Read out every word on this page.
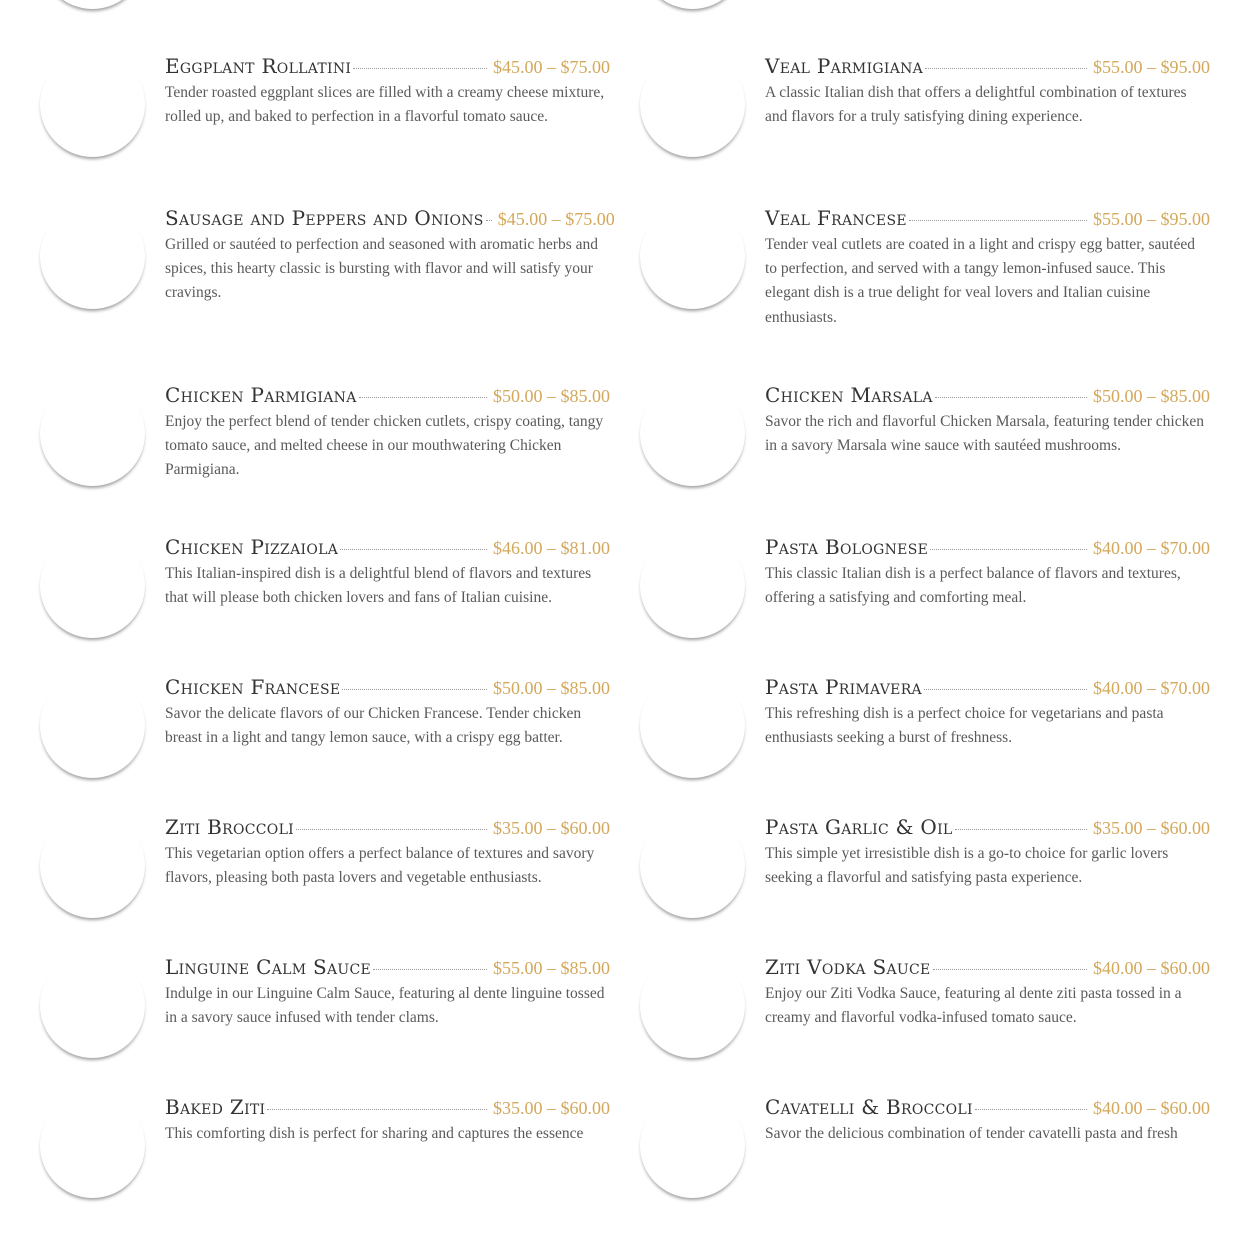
Eggplant Rollatini	$45.00 – $75.00

Tender roasted eggplant slices are filled with a creamy cheese mixture, rolled up, and baked to perfection in a flavorful tomato sauce.

Sausage and Peppers and Onions $45.00 – $75.00

Grilled or sautéed to perfection and seasoned with aromatic herbs and spices, this hearty classic is bursting with flavor and will satisfy your cravings.

Chicken Parmigiana	$50.00 – $85.00

Enjoy the perfect blend of tender chicken cutlets, crispy coating, tangy tomato sauce, and melted cheese in our mouthwatering Chicken Parmigiana.

Chicken Pizzaiola	$46.00 – $81.00

This Italian-inspired dish is a delightful blend of flavors and textures that will please both chicken lovers and fans of Italian cuisine.

Chicken Francese	$50.00 – $85.00

Savor the delicate flavors of our Chicken Francese. Tender chicken breast in a light and tangy lemon sauce, with a crispy egg batter.

Ziti Broccoli	$35.00 – $60.00

This vegetarian option offers a perfect balance of textures and savory flavors, pleasing both pasta lovers and vegetable enthusiasts.

Linguine Calm Sauce	$55.00 – $85.00

Indulge in our Linguine Calm Sauce, featuring al dente linguine tossed in a savory sauce infused with tender clams.

Baked Ziti	$35.00 – $60.00

This comforting dish is perfect for sharing and captures the essence

Veal Parmigiana	$55.00 – $95.00

A classic Italian dish that offers a delightful combination of textures and flavors for a truly satisfying dining experience.

Veal Francese	$55.00 – $95.00

Tender veal cutlets are coated in a light and crispy egg batter, sautéed to perfection, and served with a tangy lemon-infused sauce. This elegant dish is a true delight for veal lovers and Italian cuisine enthusiasts.

Chicken Marsala	$50.00 – $85.00

Savor the rich and flavorful Chicken Marsala, featuring tender chicken in a savory Marsala wine sauce with sautéed mushrooms.

Pasta Bolognese	$40.00 – $70.00

This classic Italian dish is a perfect balance of flavors and textures, offering a satisfying and comforting meal.

Pasta Primavera	$40.00 – $70.00

This refreshing dish is a perfect choice for vegetarians and pasta enthusiasts seeking a burst of freshness.

Pasta Garlic & Oil	$35.00 – $60.00

This simple yet irresistible dish is a go-to choice for garlic lovers seeking a flavorful and satisfying pasta experience.

Ziti Vodka Sauce	$40.00 – $60.00

Enjoy our Ziti Vodka Sauce, featuring al dente ziti pasta tossed in a creamy and flavorful vodka-infused tomato sauce.

Cavatelli & Broccoli	$40.00 – $60.00

Savor the delicious combination of tender cavatelli pasta and fresh
